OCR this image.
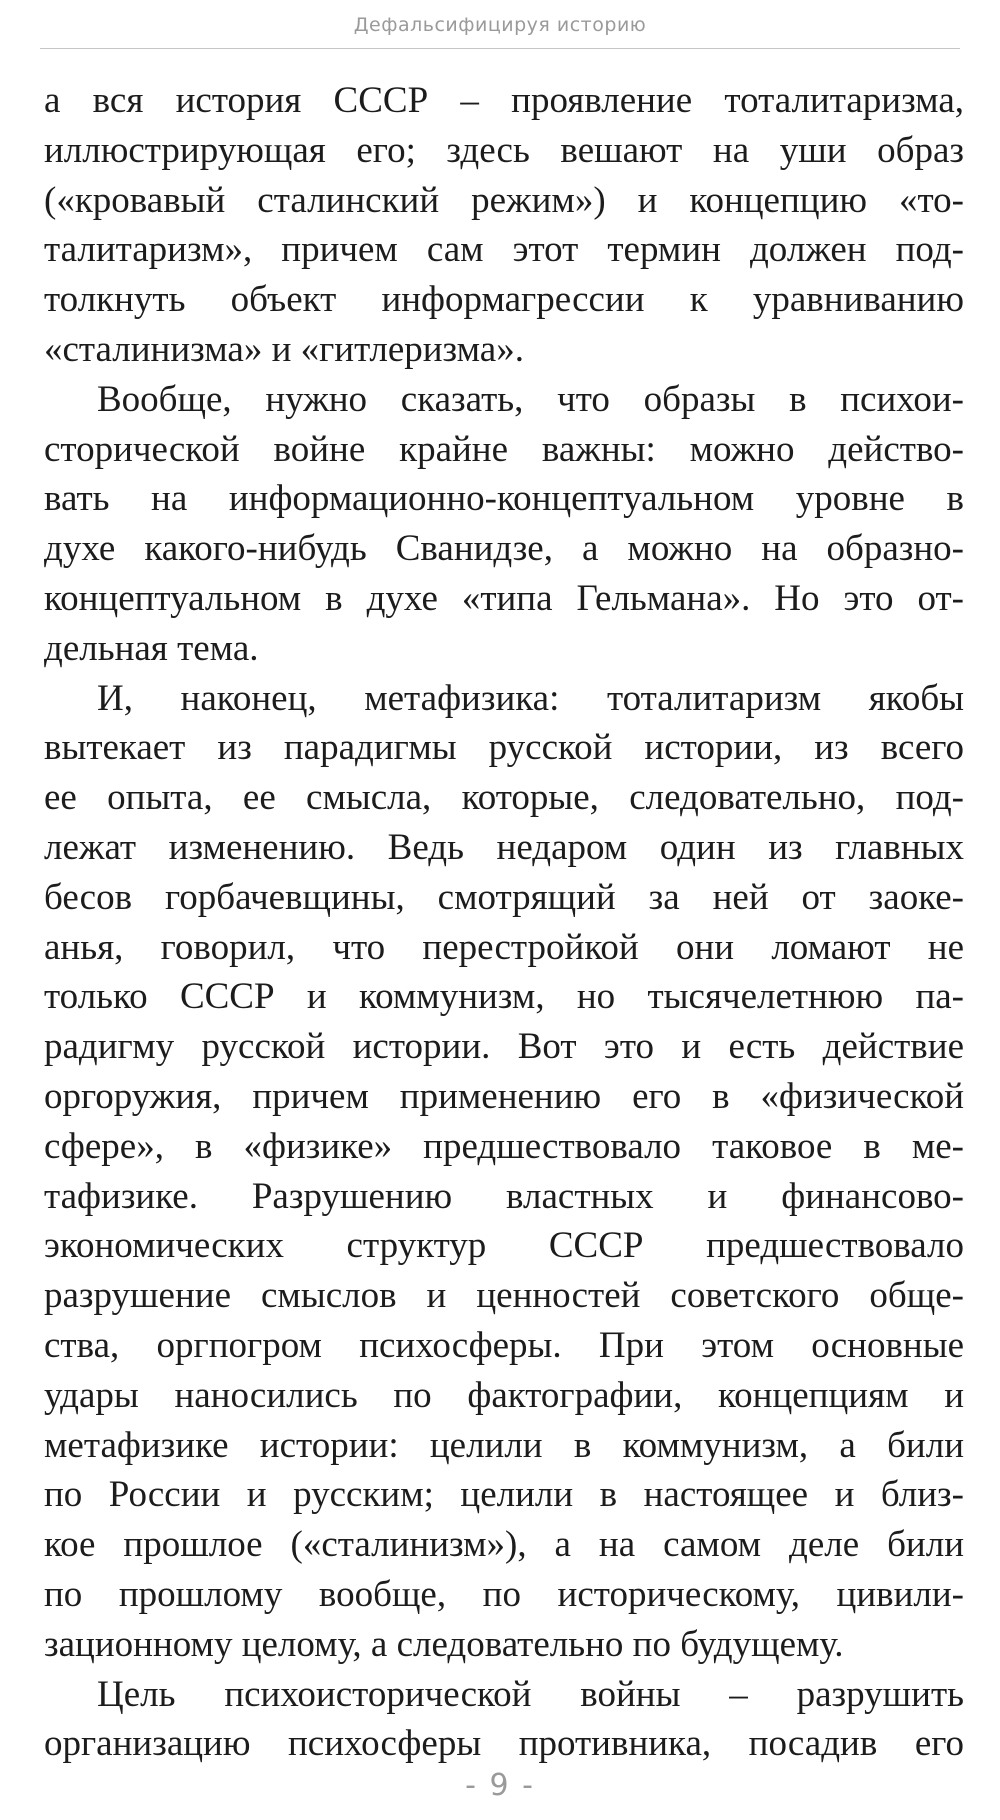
Дефальсифицируя историю
а вся история СССР – проявление тоталитаризма,
иллюстрирующая его; здесь вешают на уши образ
(«кровавый сталинский режим») и концепцию «то-
талитаризм», причем сам этот термин должен под-
толкнуть объект информагрессии к уравниванию
«сталинизма» и «гитлеризма».
Вообще, нужно сказать, что образы в психои-
сторической войне крайне важны: можно действо-
вать на информационно-концептуальном уровне в
духе какого-нибудь Сванидзе, а можно на образно-
концептуальном в духе «типа Гельмана». Но это от-
дельная тема.
И, наконец, метафизика: тоталитаризм якобы
вытекает из парадигмы русской истории, из всего
ее опыта, ее смысла, которые, следовательно, под-
лежат изменению. Ведь недаром один из главных
бесов горбачевщины, смотрящий за ней от заоке-
анья, говорил, что перестройкой они ломают не
только СССР и коммунизм, но тысячелетнюю па-
радигму русской истории. Вот это и есть действие
оргоружия, причем применению его в «физической
сфере», в «физике» предшествовало таковое в ме-
тафизике. Разрушению властных и финансово-
экономических структур СССР предшествовало
разрушение смыслов и ценностей советского обще-
ства, оргпогром психосферы. При этом основные
удары наносились по фактографии, концепциям и
метафизике истории: целили в коммунизм, а били
по России и русским; целили в настоящее и близ-
кое прошлое («сталинизм»), а на самом деле били
по прошлому вообще, по историческому, цивили-
зационному целому, а следовательно по будущему.
Цель психоисторической войны – разрушить
организацию психосферы противника, посадив его
- 9 -
